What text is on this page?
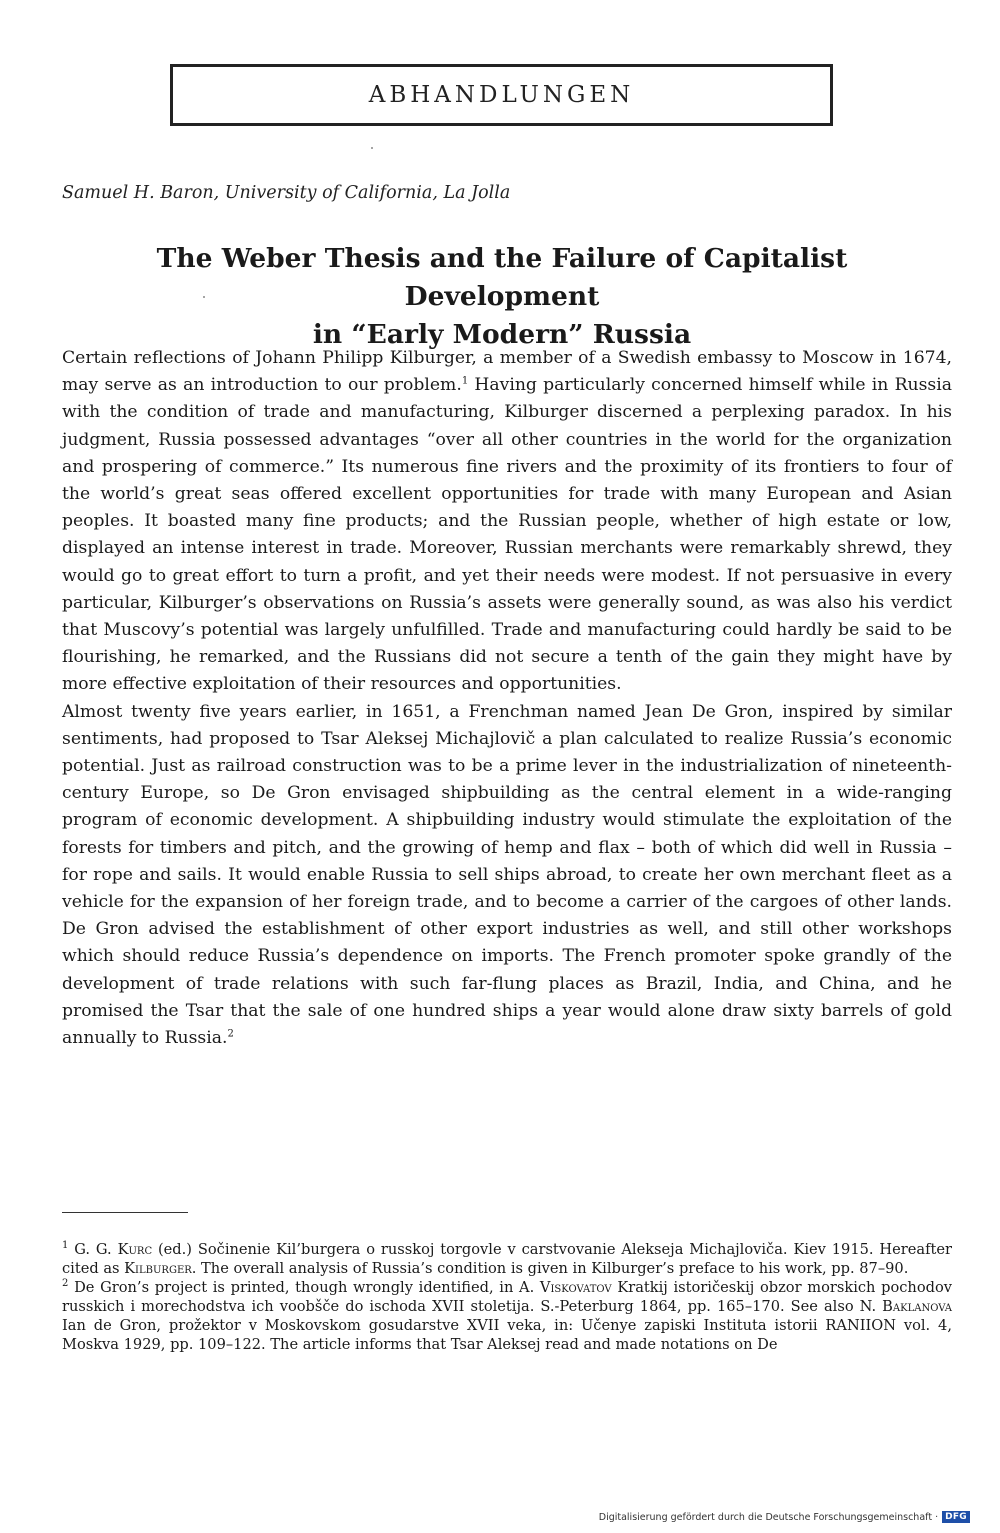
ABHANDLUNGEN
Samuel H. Baron, University of California, La Jolla
The Weber Thesis and the Failure of Capitalist Development
in “Early Modern” Russia

Certain reflections of Johann Philipp Kilburger, a member of a Swedish embassy to Moscow in 1674, may serve as an introduction to our problem.$^1$ Having particularly concerned himself while in Russia with the condition of trade and manufacturing, Kilburger discerned a perplexing paradox. In his judgment, Russia possessed advantages “over all other countries in the world for the organization and prospering of commerce.” Its numerous fine rivers and the proximity of its frontiers to four of the world’s great seas offered excellent opportunities for trade with many European and Asian peoples. It boasted many fine products; and the Russian people, whether of high estate or low, displayed an intense interest in trade. Moreover, Russian merchants were remarkably shrewd, they would go to great effort to turn a profit, and yet their needs were modest. If not persuasive in every particular, Kilburger’s observations on Russia’s assets were generally sound, as was also his verdict that Muscovy’s potential was largely unfulfilled. Trade and manufacturing could hardly be said to be flourishing, he remarked, and the Russians did not secure a tenth of the gain they might have by more effective exploitation of their resources and opportunities.

Almost twenty five years earlier, in 1651, a Frenchman named Jean De Gron, inspired by similar sentiments, had proposed to Tsar Aleksej Michajlovič a plan calculated to realize Russia’s economic potential. Just as railroad construction was to be a prime lever in the industrialization of nineteenth-century Europe, so De Gron envisaged shipbuilding as the central element in a wide-ranging program of economic development. A shipbuilding industry would stimulate the exploitation of the forests for timbers and pitch, and the growing of hemp and flax – both of which did well in Russia – for rope and sails. It would enable Russia to sell ships abroad, to create her own merchant fleet as a vehicle for the expansion of her foreign trade, and to become a carrier of the cargoes of other lands. De Gron advised the establishment of other export industries as well, and still other workshops which should reduce Russia’s dependence on imports. The French promoter spoke grandly of the development of trade relations with such far-flung places as Brazil, India, and China, and he promised the Tsar that the sale of one hundred ships a year would alone draw sixty barrels of gold annually to Russia.$^2$

$^1$ G. G. Kurc (ed.) Sočinenie Kil’burgera o russkoj torgovle v carstvovanie Alekseja Michajloviča. Kiev 1915. Hereafter cited as Kilburger. The overall analysis of Russia’s condition is given in Kilburger’s preface to his work, pp. 87–90.

$^2$ De Gron’s project is printed, though wrongly identified, in A. Viskovatov Kratkij istoričeskij obzor morskich pochodov russkich i morechodstva ich voobšče do ischoda XVII stoletija. S.-Peterburg 1864, pp. 165–170. See also N. Baklanova Ian de Gron, prožektor v Moskovskom gosudarstve XVII veka, in: Učenye zapiski Instituta istorii RANIION vol. 4, Moskva 1929, pp. 109–122. The article informs that Tsar Aleksej read and made notations on De

Digitalisierung gefördert durch die Deutsche Forschungsgemeinschaft · DFG
